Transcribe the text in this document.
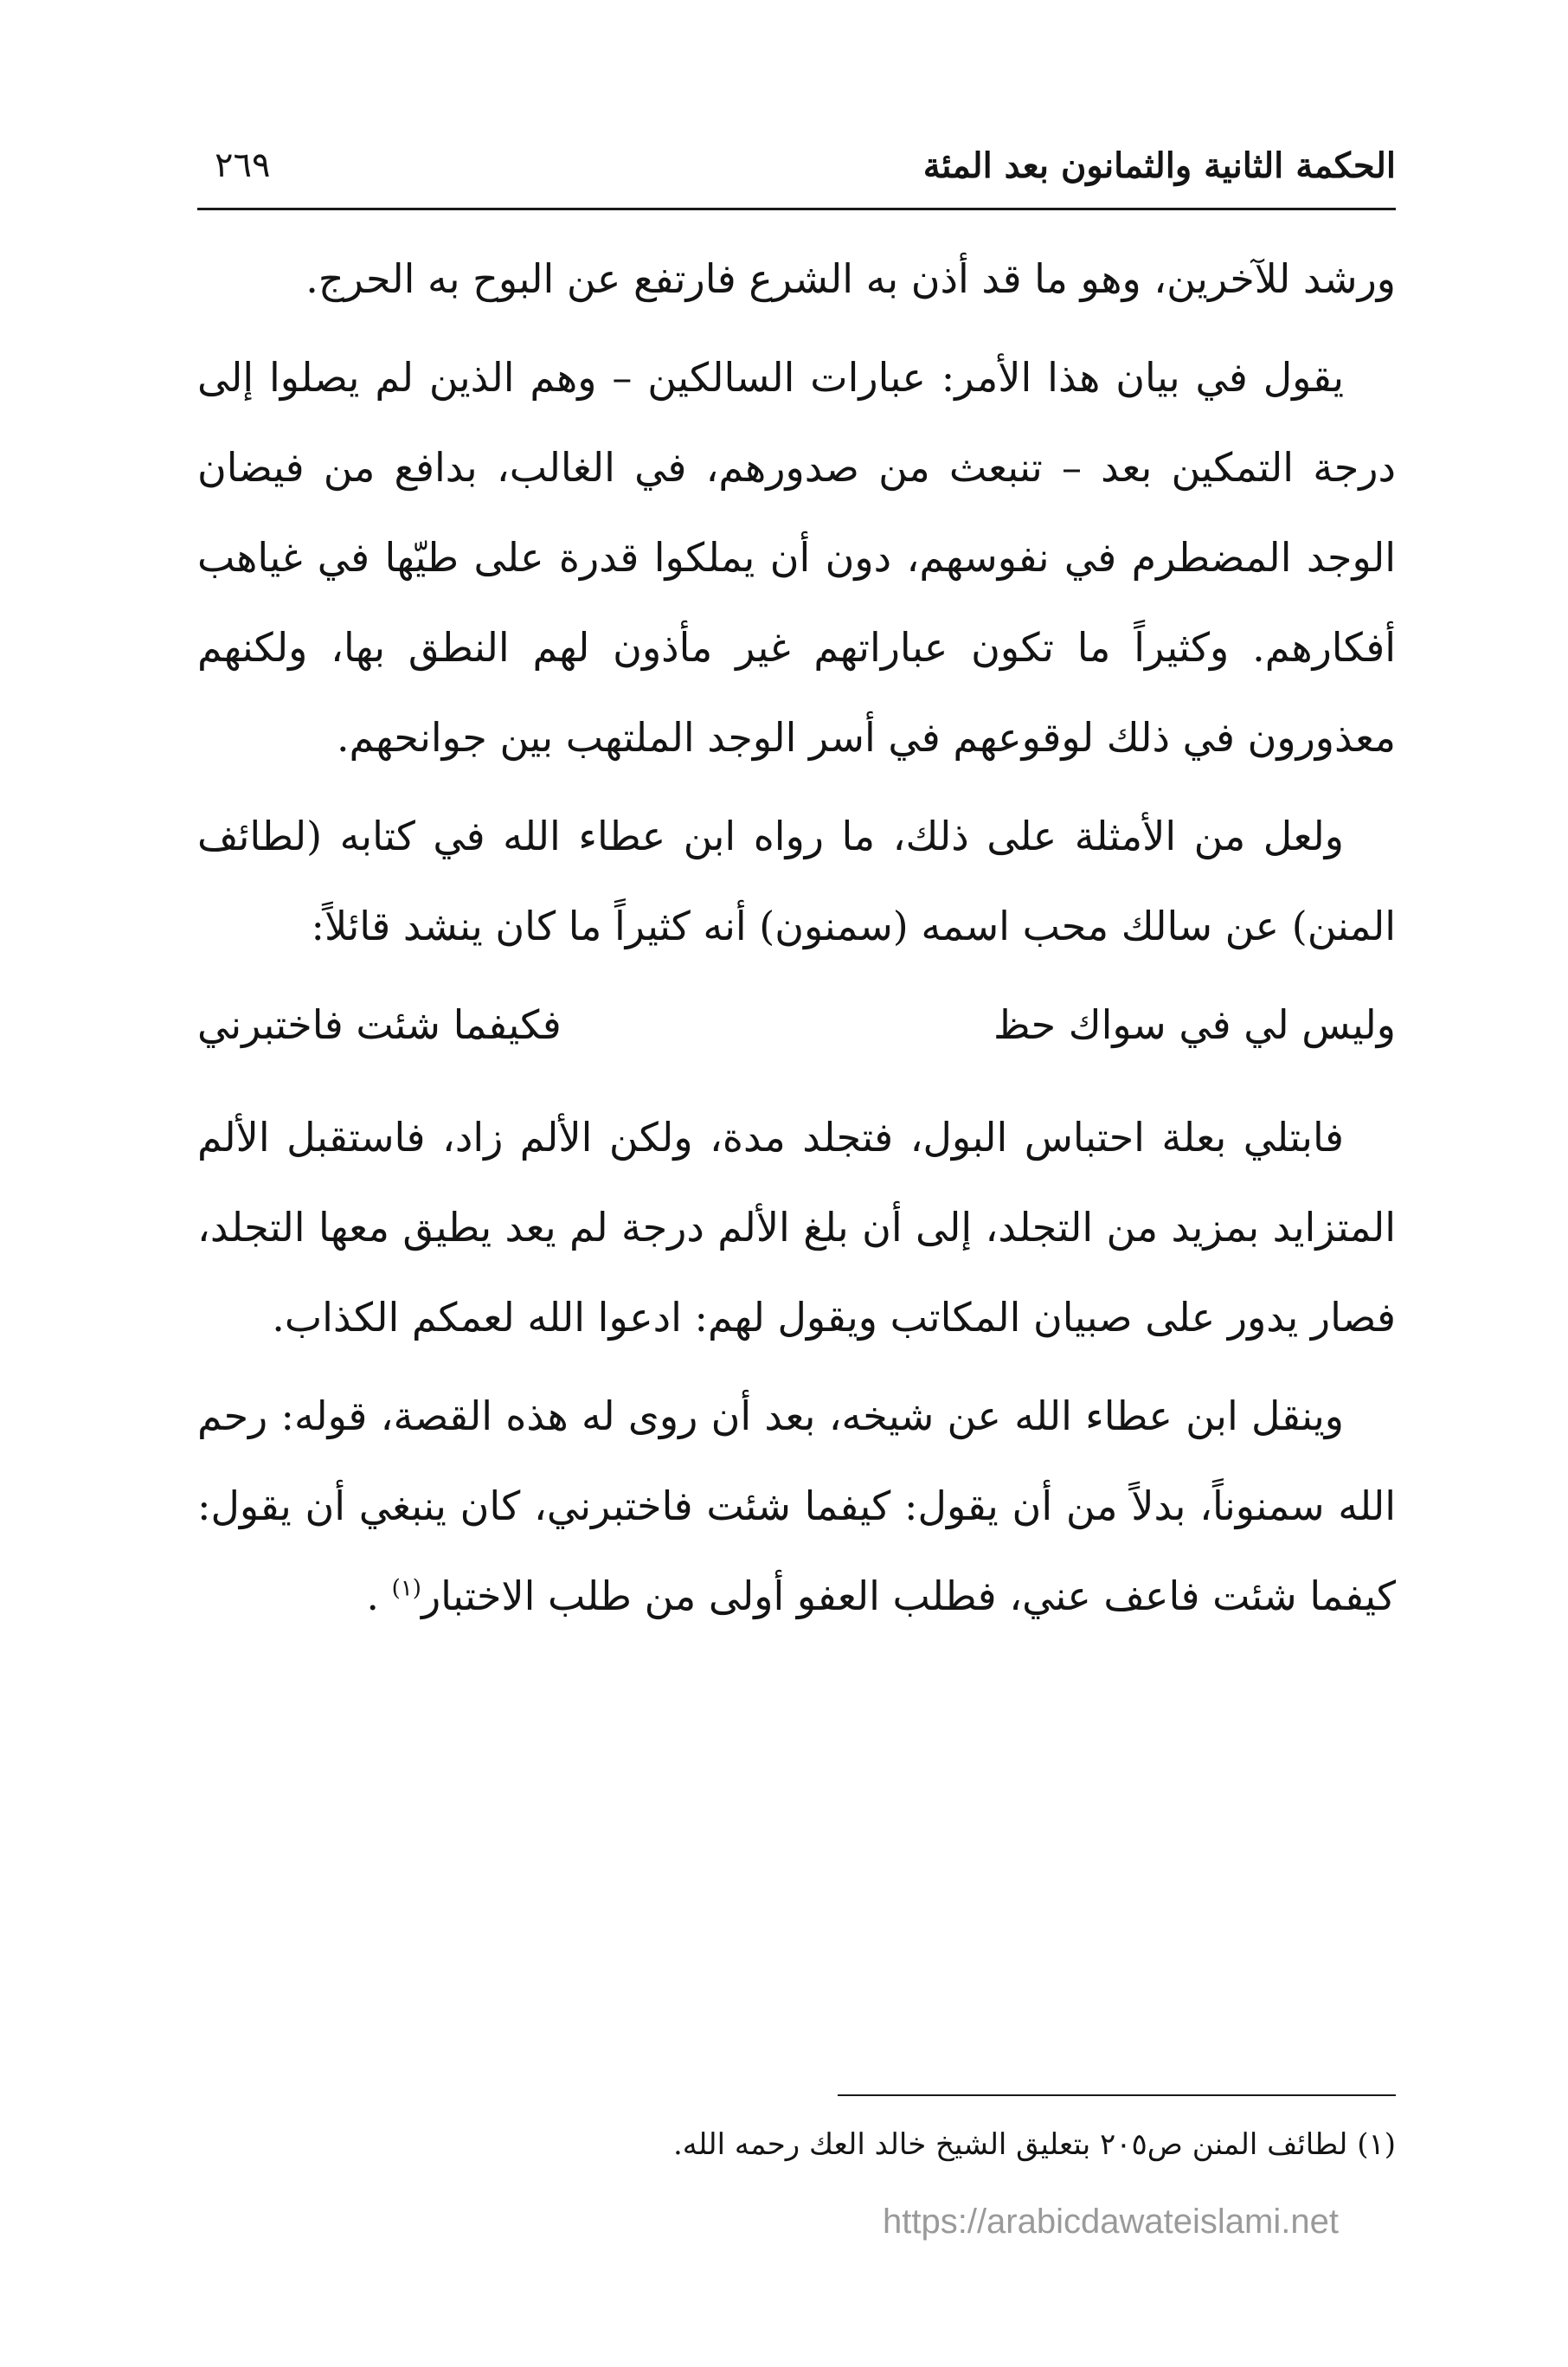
الحكمة الثانية والثمانون بعد المئة
٢٦٩

ورشد للآخرين، وهو ما قد أذن به الشرع فارتفع عن البوح به الحرج.

يقول في بيان هذا الأمر: عبارات السالكين – وهم الذين لم يصلوا إلى درجة التمكين بعد – تنبعث من صدورهم، في الغالب، بدافع من فيضان الوجد المضطرم في نفوسهم، دون أن يملكوا قدرة على طيّها في غياهب أفكارهم. وكثيراً ما تكون عباراتهم غير مأذون لهم النطق بها، ولكنهم معذورون في ذلك لوقوعهم في أسر الوجد الملتهب بين جوانحهم.

ولعل من الأمثلة على ذلك، ما رواه ابن عطاء الله في كتابه (لطائف المنن) عن سالك محب اسمه (سمنون) أنه كثيراً ما كان ينشد قائلاً:

وليس لي في سواك حظ
فكيفما شئت فاختبرني

فابتلي بعلة احتباس البول، فتجلد مدة، ولكن الألم زاد، فاستقبل الألم المتزايد بمزيد من التجلد، إلى أن بلغ الألم درجة لم يعد يطيق معها التجلد، فصار يدور على صبيان المكاتب ويقول لهم: ادعوا الله لعمكم الكذاب.

وينقل ابن عطاء الله عن شيخه، بعد أن روى له هذه القصة، قوله: رحم الله سمنوناً، بدلاً من أن يقول: كيفما شئت فاختبرني، كان ينبغي أن يقول: كيفما شئت فاعف عني، فطلب العفو أولى من طلب الاختبار$^{(١)}$ .

(١) لطائف المنن ص٢٠٥ بتعليق الشيخ خالد العك رحمه الله.
https://arabicdawateislami.net
